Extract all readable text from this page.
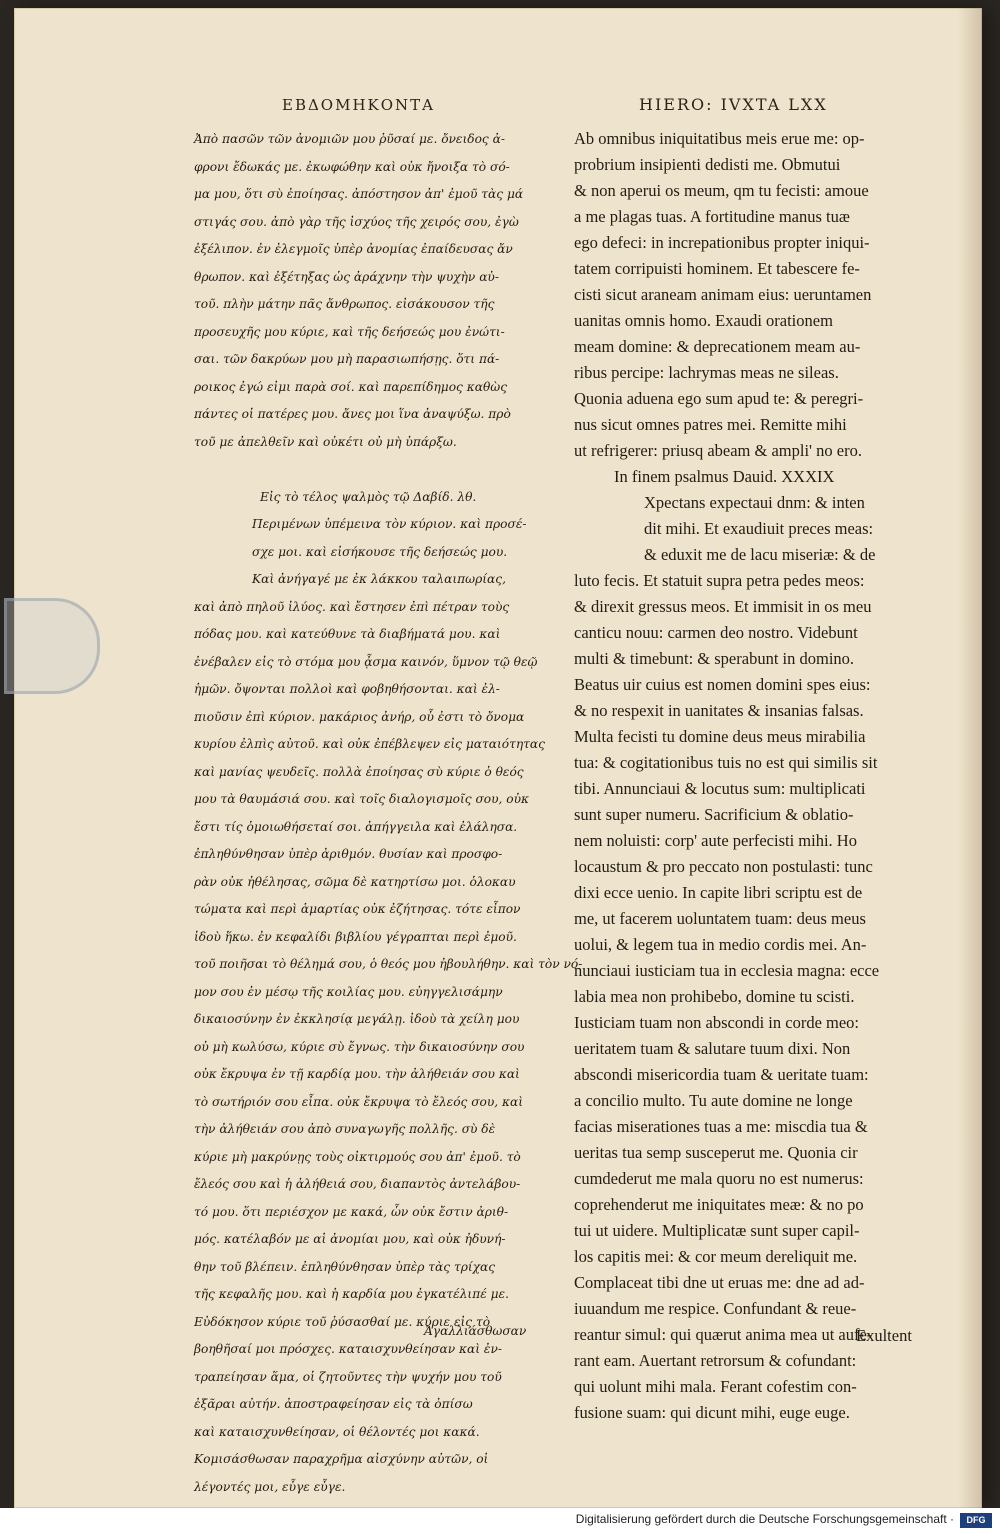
ΕΒΔΟΜΗΚΟΝΤΑ	HIERO: IVXTA LXX
Ἀπὸ πασῶν τῶν ἀνομιῶν μου ῥῦσαί με. ὄνειδος ἀ-
φρονι ἔδωκάς με. ἐκωφώθην καὶ οὐκ ἤνοιξα τὸ σό-
μα μου, ὅτι σὺ ἐποίησας. ἀπόστησον ἀπ' ἐμοῦ τὰς μά
στιγάς σου. ἀπὸ γὰρ τῆς ἰσχύος τῆς χειρός σου, ἐγὼ
ἐξέλιπον. ἐν ἐλεγμοῖς ὑπὲρ ἀνομίας ἐπαίδευσας ἄν
θρωπον. καὶ ἐξέτηξας ὡς ἀράχνην τὴν ψυχὴν αὐ-
τοῦ. πλὴν μάτην πᾶς ἄνθρωπος. εἰσάκουσον τῆς
προσευχῆς μου κύριε, καὶ τῆς δεήσεώς μου ἐνώτι-
σαι. τῶν δακρύων μου μὴ παρασιωπήσῃς. ὅτι πά-
ροικος ἐγώ εἰμι παρὰ σοί. καὶ παρεπίδημος καθὼς
πάντες οἱ πατέρες μου. ἄνες μοι ἵνα ἀναψύξω. πρὸ
τοῦ με ἀπελθεῖν καὶ οὐκέτι οὐ μὴ ὑπάρξω.
Εἰς τὸ τέλος ψαλμὸς τῷ Δαβίδ. λθ.
Περιμένων ὑπέμεινα τὸν κύριον. καὶ προσέ-
σχε μοι. καὶ εἰσήκουσε τῆς δεήσεώς μου.
Καὶ ἀνήγαγέ με ἐκ λάκκου ταλαιπωρίας,
καὶ ἀπὸ πηλοῦ ἰλύος. καὶ ἔστησεν ἐπὶ πέτραν τοὺς
πόδας μου. καὶ κατεύθυνε τὰ διαβήματά μου. καὶ
ἐνέβαλεν εἰς τὸ στόμα μου ᾆσμα καινόν, ὕμνον τῷ θεῷ
ἡμῶν. ὄψονται πολλοὶ καὶ φοβηθήσονται. καὶ ἐλ-
πιοῦσιν ἐπὶ κύριον. μακάριος ἀνήρ, οὗ ἐστι τὸ ὄνομα
κυρίου ἐλπὶς αὐτοῦ. καὶ οὐκ ἐπέβλεψεν εἰς ματαιότητας
καὶ μανίας ψευδεῖς. πολλὰ ἐποίησας σὺ κύριε ὁ θεός
μου τὰ θαυμάσιά σου. καὶ τοῖς διαλογισμοῖς σου, οὐκ
ἔστι τίς ὁμοιωθήσεταί σοι. ἀπήγγειλα καὶ ἐλάλησα.
ἐπληθύνθησαν ὑπὲρ ἀριθμόν. θυσίαν καὶ προσφο-
ρὰν οὐκ ἠθέλησας, σῶμα δὲ κατηρτίσω μοι. ὁλοκαυ
τώματα καὶ περὶ ἁμαρτίας οὐκ ἐζήτησας. τότε εἶπον
ἰδοὺ ἥκω. ἐν κεφαλίδι βιβλίου γέγραπται περὶ ἐμοῦ.
τοῦ ποιῆσαι τὸ θέλημά σου, ὁ θεός μου ἠβουλήθην. καὶ τὸν νό-
μον σου ἐν μέσῳ τῆς κοιλίας μου. εὐηγγελισάμην
δικαιοσύνην ἐν ἐκκλησίᾳ μεγάλῃ. ἰδοὺ τὰ χείλη μου
οὐ μὴ κωλύσω, κύριε σὺ ἔγνως. τὴν δικαιοσύνην σου
οὐκ ἔκρυψα ἐν τῇ καρδίᾳ μου. τὴν ἀλήθειάν σου καὶ
τὸ σωτήριόν σου εἶπα. οὐκ ἔκρυψα τὸ ἔλεός σου, καὶ
τὴν ἀλήθειάν σου ἀπὸ συναγωγῆς πολλῆς. σὺ δὲ
κύριε μὴ μακρύνῃς τοὺς οἰκτιρμούς σου ἀπ' ἐμοῦ. τὸ
ἔλεός σου καὶ ἡ ἀλήθειά σου, διαπαντὸς ἀντελάβου-
τό μου. ὅτι περιέσχον με κακά, ὧν οὐκ ἔστιν ἀριθ-
μός. κατέλαβόν με αἱ ἀνομίαι μου, καὶ οὐκ ἠδυνή-
θην τοῦ βλέπειν. ἐπληθύνθησαν ὑπὲρ τὰς τρίχας
τῆς κεφαλῆς μου. καὶ ἡ καρδία μου ἐγκατέλιπέ με.
Εὐδόκησον κύριε τοῦ ῥύσασθαί με. κύριε εἰς τὸ
βοηθῆσαί μοι πρόσχες. καταισχυνθείησαν καὶ ἐν-
τραπείησαν ἅμα, οἱ ζητοῦντες τὴν ψυχήν μου τοῦ
ἐξᾶραι αὐτήν. ἀποστραφείησαν εἰς τὰ ὀπίσω
καὶ καταισχυνθείησαν, οἱ θέλοντές μοι κακά.
Κομισάσθωσαν παραχρῆμα αἰσχύνην αὐτῶν, οἱ
λέγοντές μοι, εὖγε εὖγε.
Ab omnibus iniquitatibus meis erue me: op-
probrium insipienti dedisti me. Obmutui
& non aperui os meum, qm tu fecisti: amoue
a me plagas tuas. A fortitudine manus tuæ
ego defeci: in increpationibus propter iniqui-
tatem corripuisti hominem. Et tabescere fe-
cisti sicut araneam animam eius: ueruntamen
uanitas omnis homo. Exaudi orationem
meam domine: & deprecationem meam au-
ribus percipe: lachrymas meas ne sileas.
Quonia aduena ego sum apud te: & peregri-
nus sicut omnes patres mei. Remitte mihi
ut refrigerer: priusq abeam & ampli' no ero.
In finem psalmus Dauid. XXXIX
Xpectans expectaui dnm: & inten
dit mihi. Et exaudiuit preces meas:
& eduxit me de lacu miseriæ: & de
luto fecis. Et statuit supra petra pedes meos:
& direxit gressus meos. Et immisit in os meu
canticu nouu: carmen deo nostro. Videbunt
multi & timebunt: & sperabunt in domino.
Beatus uir cuius est nomen domini spes eius:
& no respexit in uanitates & insanias falsas.
Multa fecisti tu domine deus meus mirabilia
tua: & cogitationibus tuis no est qui similis sit
tibi. Annunciaui & locutus sum: multiplicati
sunt super numeru. Sacrificium & oblatio-
nem noluisti: corp' aute perfecisti mihi. Ho
locaustum & pro peccato non postulasti: tunc
dixi ecce uenio. In capite libri scriptu est de
me, ut facerem uoluntatem tuam: deus meus
uolui, & legem tua in medio cordis mei. An-
nunciaui iusticiam tua in ecclesia magna: ecce
labia mea non prohibebo, domine tu scisti.
Iusticiam tuam non abscondi in corde meo:
ueritatem tuam & salutare tuum dixi. Non
abscondi misericordia tuam & ueritate tuam:
a concilio multo. Tu aute domine ne longe
facias miserationes tuas a me: miscdia tua &
ueritas tua semp susceperut me. Quonia cir
cumdederut me mala quoru no est numerus:
coprehenderut me iniquitates meæ: & no po
tui ut uidere. Multiplicatæ sunt super capil-
los capitis mei: & cor meum dereliquit me.
Complaceat tibi dne ut eruas me: dne ad ad-
iuuandum me respice. Confundant & reue-
reantur simul: qui quærut anima mea ut aufe-
rant eam. Auertant retrorsum & cofundant:
qui uolunt mihi mala. Ferant cofestim con-
fusione suam: qui dicunt mihi, euge euge.
Ἀγαλλιάσθωσαν	Exultent
Digitalisierung gefördert durch die Deutsche Forschungsgemeinschaft ·	DFG
